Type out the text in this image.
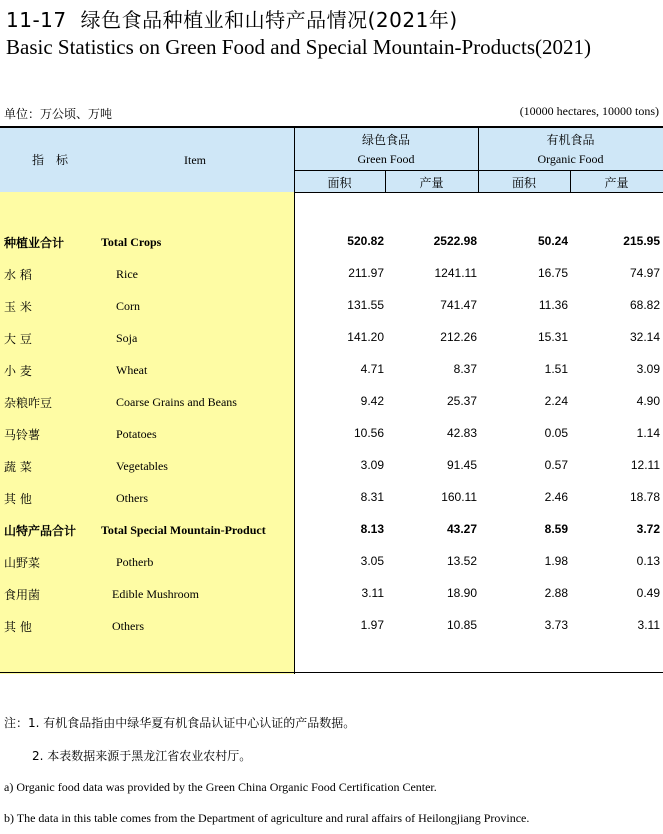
11-17 绿色食品种植业和山特产品情况(2021年)
Basic Statistics on Green Food and Special Mountain-Products(2021)
单位：万公顷、万吨	(10000 hectares, 10000 tons)
指　标	Item
绿色食品
Green Food
有机食品
Organic Food
面积	产量	面积	产量
种植业合计	Total Crops	520.82	2522.98	50.24	215.95
水 稻	Rice	211.97	1241.11	16.75	74.97
玉 米	Corn	131.55	741.47	11.36	68.82
大 豆	Soja	141.20	212.26	15.31	32.14
小 麦	Wheat	4.71	8.37	1.51	3.09
杂粮咋豆	Coarse Grains and Beans	9.42	25.37	2.24	4.90
马铃薯	Potatoes	10.56	42.83	0.05	1.14
蔬 菜	Vegetables	3.09	91.45	0.57	12.11
其 他	Others	8.31	160.11	2.46	18.78
山特产品合计 Total Special Mountain-Product	8.13	43.27	8.59	3.72
山野菜	Potherb	3.05	13.52	1.98	0.13
食用菌	Edible Mushroom	3.11	18.90	2.88	0.49
其 他	Others	1.97	10.85	3.73	3.11
注：1. 有机食品指由中绿华夏有机食品认证中心认证的产品数据。
2. 本表数据来源于黑龙江省农业农村厅。
a) Organic food data was provided by the Green China Organic Food Certification Center.
b) The data in this table comes from the Department of agriculture and rural affairs of Heilongjiang Province.
